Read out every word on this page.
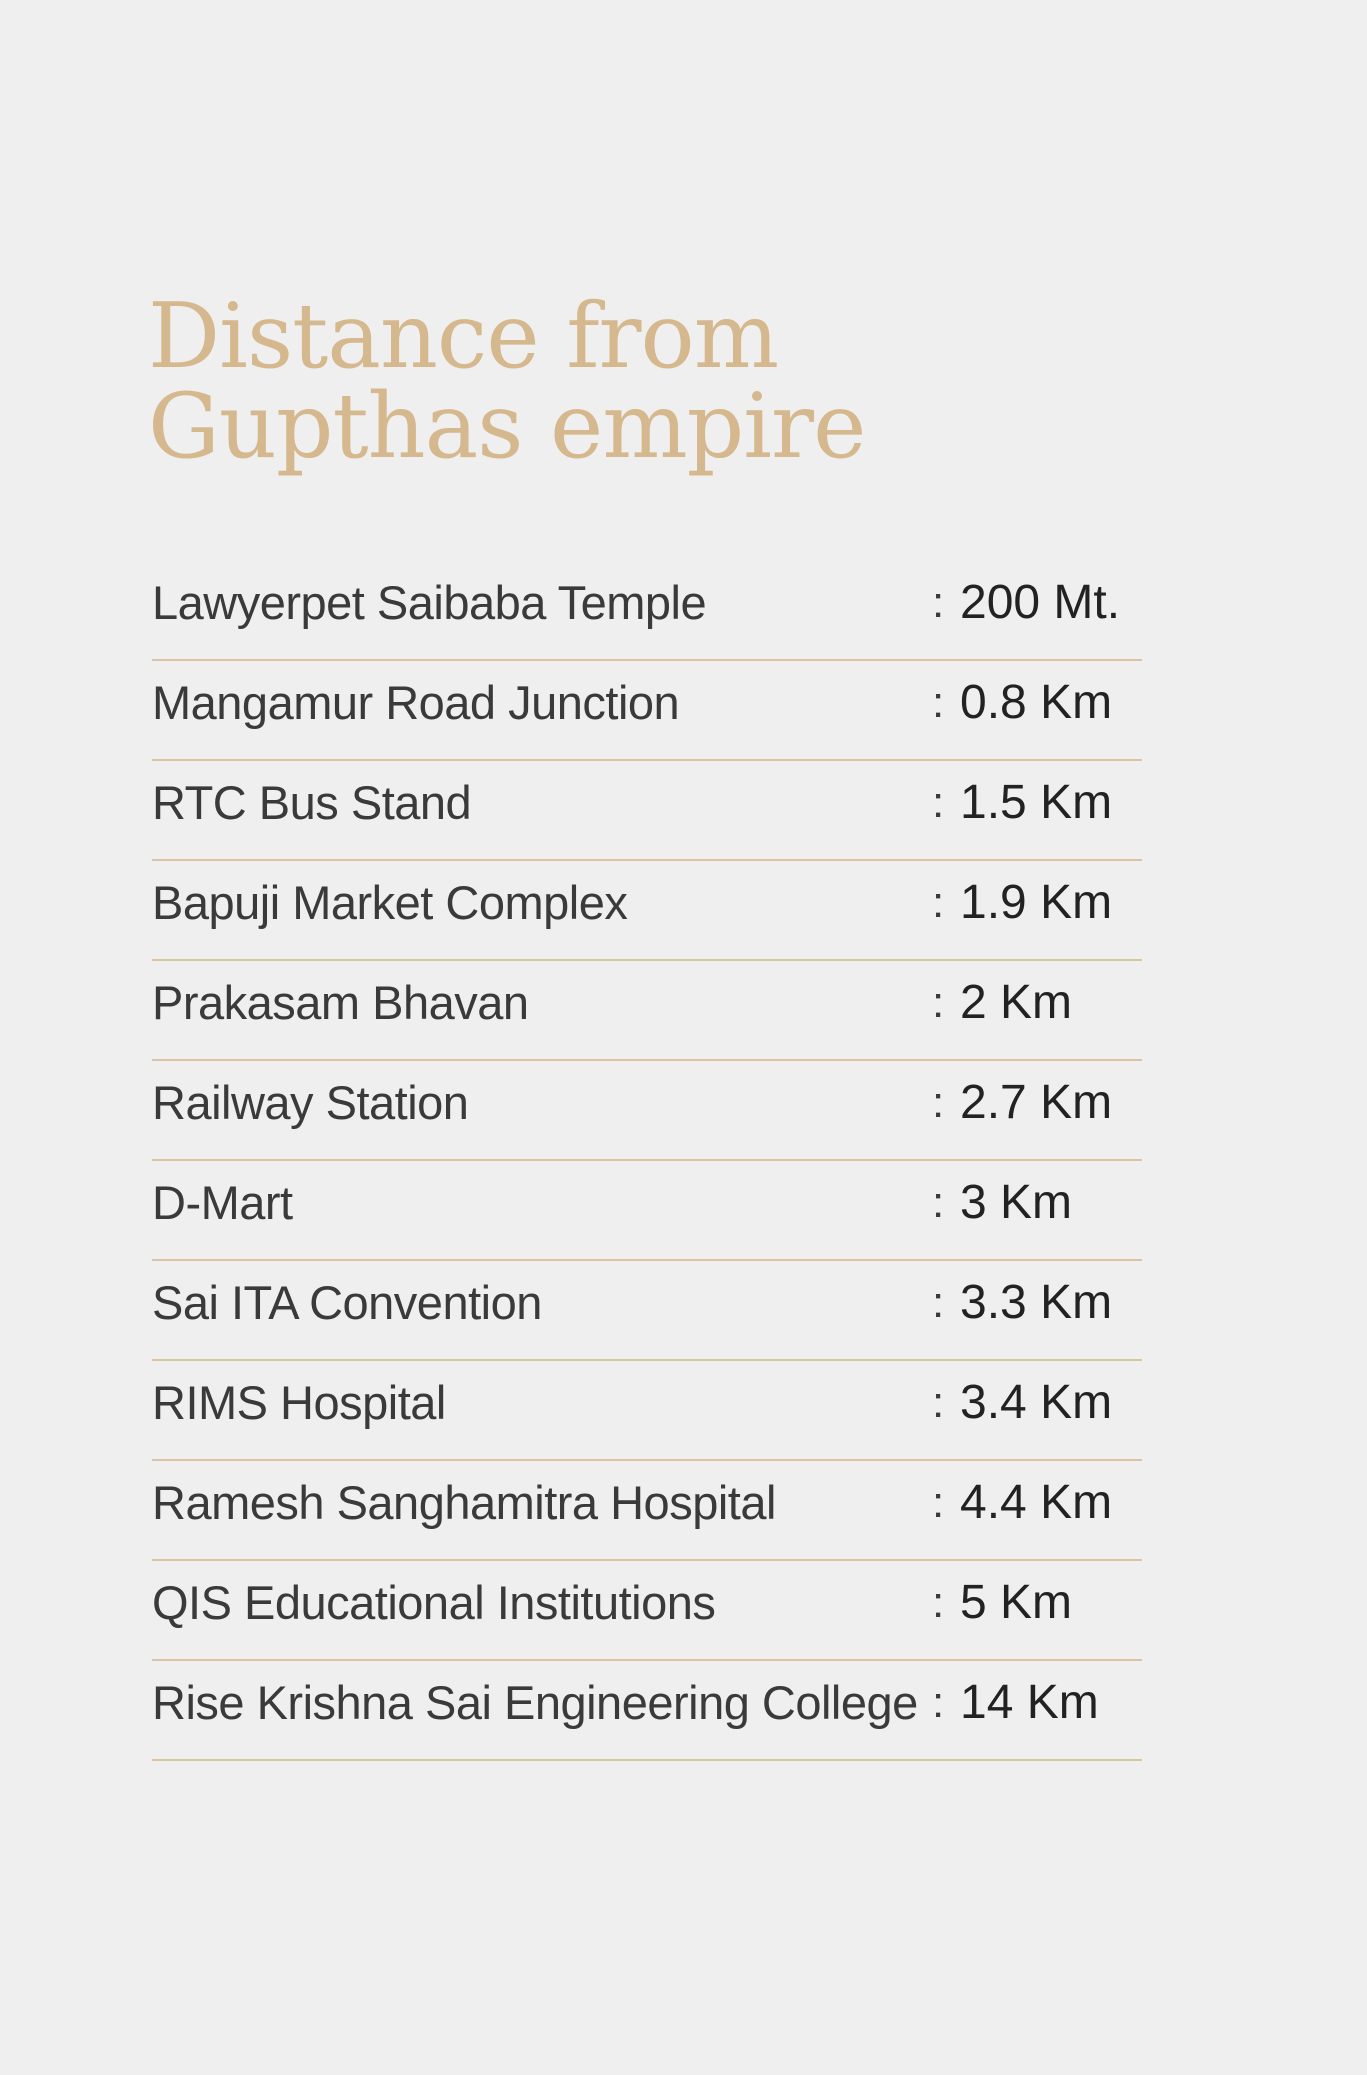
Distance from
Gupthas empire
Lawyerpet Saibaba Temple	: 200 Mt.
Mangamur Road Junction	: 0.8 Km
RTC Bus Stand	: 1.5 Km
Bapuji Market Complex	: 1.9 Km
Prakasam Bhavan	: 2 Km
Railway Station	: 2.7 Km
D-Mart	: 3 Km
Sai ITA Convention	: 3.3 Km
RIMS Hospital	: 3.4 Km
Ramesh Sanghamitra Hospital	: 4.4 Km
QIS Educational Institutions	: 5 Km
Rise Krishna Sai Engineering College : 14 Km
